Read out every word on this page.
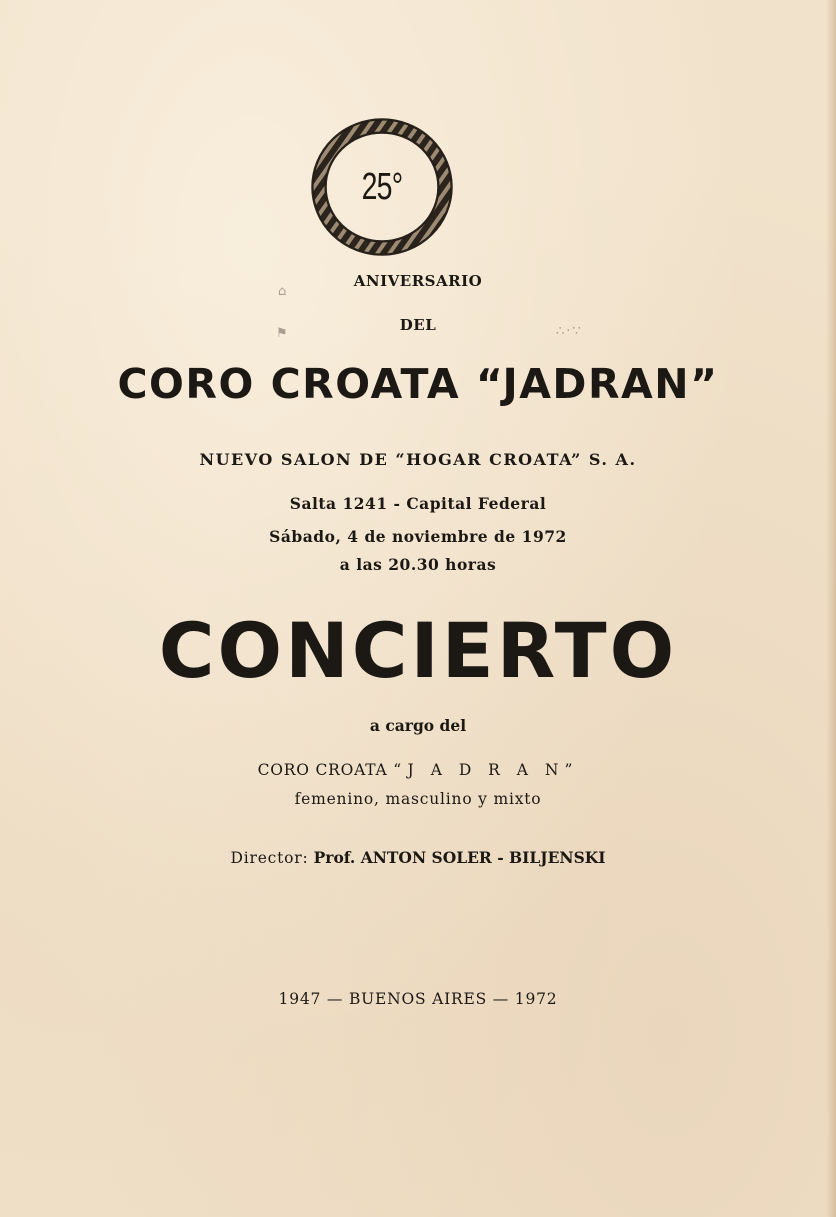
⌂
⚑	∴·∵
25°
ANIVERSARIO
DEL
CORO CROATA “JADRAN”
NUEVO SALON DE “HOGAR CROATA” S. A.
Salta 1241 - Capital Federal
Sábado, 4 de noviembre de 1972
a las 20.30 horas
CONCIERTO
a cargo del
CORO CROATA “J A D R A N”
femenino, masculino y mixto
Director: Prof. ANTON SOLER - BILJENSKI
1947 — BUENOS AIRES — 1972
